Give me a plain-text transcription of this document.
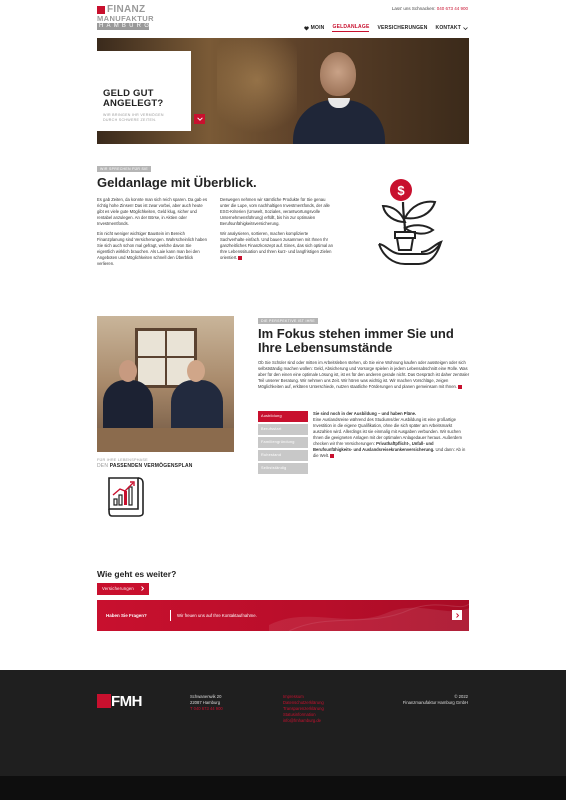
FINANZ
MANUFAKTUR
HAMBURG
Lass' uns Schnacken: 040 673 44 900
MOIN GELDANLAGE VERSICHERUNGEN KONTAKT
GELD GUT
ANGELEGT?
WIR BRINGEN IHR VERMÖGEN
DURCH SCHWERE ZEITEN.
WIR SPRECHEN FÜR SIE
Geldanlage mit Überblick.

Es gab Zeiten, da konnte man sich reich sparen. Da gab es richtig hohe Zinsen! Das ist zwar vorbei, aber auch heute gibt es viele gute Möglichkeiten, Geld klug, sicher und rentabel anzulegen. An der Börse, in Aktien oder Investmentfonds.

Ein nicht weniger wichtiger Baustein im Bereich Finanzplanung sind Versicherungen. Wahrscheinlich haben Sie sich auch schon mal gefragt, welche davon Sie eigentlich wirklich brauchen. Als Laie kann man bei den Angeboten und Möglichkeiten schnell den Überblick verlieren.

Deswegen nehmen wir sämtliche Produkte für Sie genau unter die Lupe, vom nachhaltigen Investmentfonds, der alle ESG-Kriterien (Umwelt, Soziales, verantwortungsvolle Unternehmensführung) erfüllt, bis hin zur optimalen Berufsunfähigkeitsversicherung.

Wir analysieren, sortieren, machen komplizierte Sachverhalte einfach. Und bauen zusammen mit Ihnen Ihr ganzheitliches Finanzkonzept auf. Eines, das sich optimal an Ihre Lebenssituation und Ihren kurz- und langfristigen Zielen orientiert.

$
FÜR IHRE LEBENSPHASE
DEN PASSENDEN VERMÖGENSPLAN
DIE PERSPEKTIVE IST IHRE
Im Fokus stehen immer Sie und Ihre Lebensumstände

Ob Sie Schüler sind oder mitten im Arbeitsleben stehen, ob Sie eine Wohnung kaufen oder aussteigen oder sich selbstständig machen wollen: Geld, Absicherung und Vorsorge spielen in jedem Lebensabschnitt eine Rolle. Was aber für den einen eine optimale Lösung ist, ist es für den anderen gerade nicht. Das Gespräch ist daher zentraler Teil unserer Beratung. Wir nehmen uns Zeit. Wir hören was wichtig ist. Wir machen Vorschläge, zeigen Möglichkeiten auf, erklären Unterschiede, nutzen staatliche Förderungen und planen gemeinsam mit Ihnen.

Ausbildung
Berufsstart
Familiengründung
Ruhestand
Selbstständig

Sie sind noch in der Ausbildung – und haben Pläne.
Eine Auslandsreise während des Studiums/der Ausbildung ist eine großartige Investition in die eigene Qualifikation, ohne die sich später am Arbeitsmarkt auszahlen wird. Allerdings ist sie einmalig mit Ausgaben verbunden. Wir suchen Ihnen die geeigneten Anlagen mit der optimalen Anlagedauer heraus. Außerdem checken wir Ihre Versicherungen: Privathaftpflicht-, Unfall- und Berufsunfähigkeits- und Auslandsreisekrankenversicherung. Und dann: Ab in die Welt.

Wie geht es weiter?
Versicherungen
Haben Sie Fragen?	Wir freuen uns auf Ihre Kontaktaufnahme.
FMH	Schwanenwik 20
22087 Hamburg
T 040 673 44 900
Impressum
Datenschutzerklärung
Transparenzerklärung
Statusinformation
info@fmhamburg.de
© 2022
Finanzmanufaktur Hamburg GmbH
